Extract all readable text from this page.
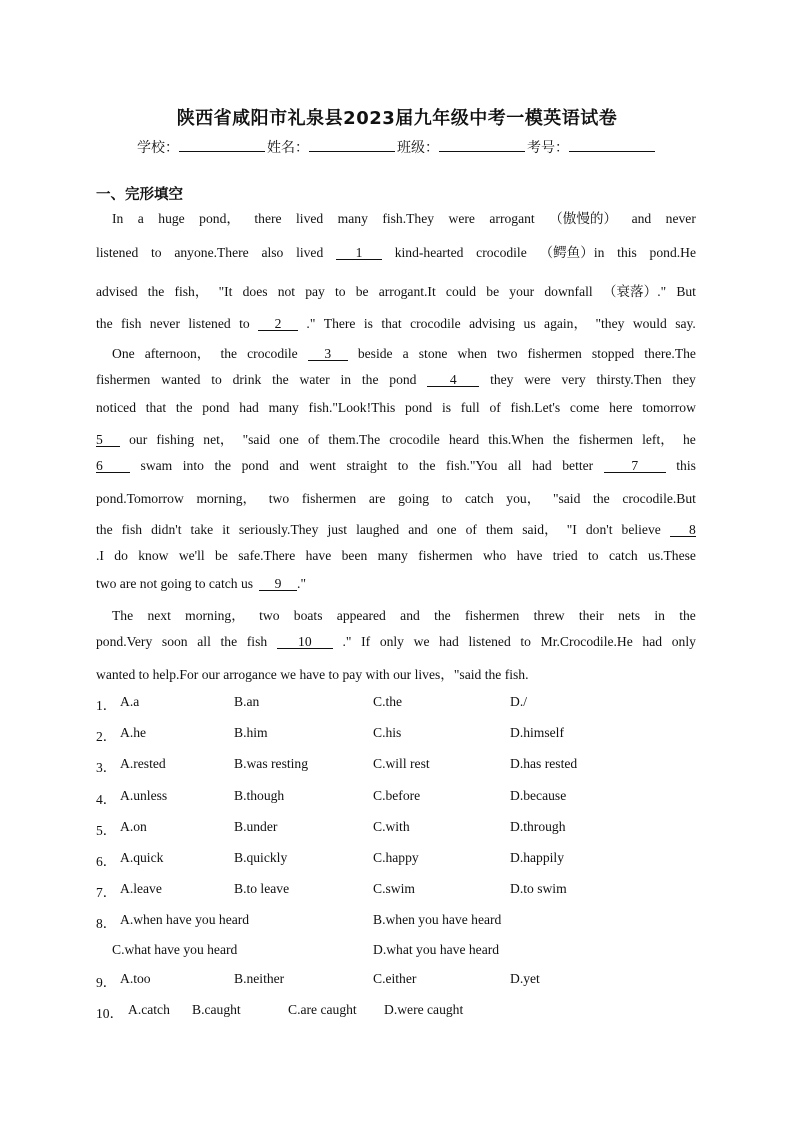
陕西省咸阳市礼泉县2023届九年级中考一模英语试卷
学校：	姓名：	班级：	考号：
一、完形填空
In a huge pond， there lived many fish.They were arrogant （傲慢的） and never
listened to anyone.There also lived	1	kind-hearted crocodile （鳄鱼）in this pond.He
advised the fish， "It does not pay to be arrogant.It could be your downfall （衰落）." But
the fish never listened to	2	." There is that crocodile advising us again， "they would say.
One afternoon， the crocodile	3	beside a stone when two fishermen stopped there.The
fishermen wanted to drink the water in the pond	4	they were very thirsty.Then they
noticed that the pond had many fish."Look!This pond is full of fish.Let's come here tomorrow
5	our fishing net， "said one of them.The crocodile heard this.When the fishermen left， he
6	swam into the pond and went straight to the fish."You all had better	7	this
pond.Tomorrow morning， two fishermen are going to catch you， "said the crocodile.But
the fish didn't take it seriously.They just laughed and one of them said， "I don't believe	8
.I do know we'll be safe.There have been many fishermen who have tried to catch us.These
two are not going to catch us	9	."
The next morning， two boats appeared and the fishermen threw their nets in the
pond.Very soon all the fish	10	." If only we had listened to Mr.Crocodile.He had only
wanted to help.For our arrogance we have to pay with our lives，"said the fish.
1． A.a	B.an	C.the	D./
2． A.he	B.him	C.his	D.himself
3． A.rested	B.was resting	C.will rest	D.has rested
4． A.unless	B.though	C.before	D.because
5． A.on	B.under	C.with	D.through
6． A.quick	B.quickly	C.happy	D.happily
7． A.leave	B.to leave	C.swim	D.to swim
8． A.when have you heard	B.when you have heard
C.what have you heard	D.what you have heard
9． A.too	B.neither	C.either	D.yet
10． A.catch B.caught	C.are caught D.were caught
